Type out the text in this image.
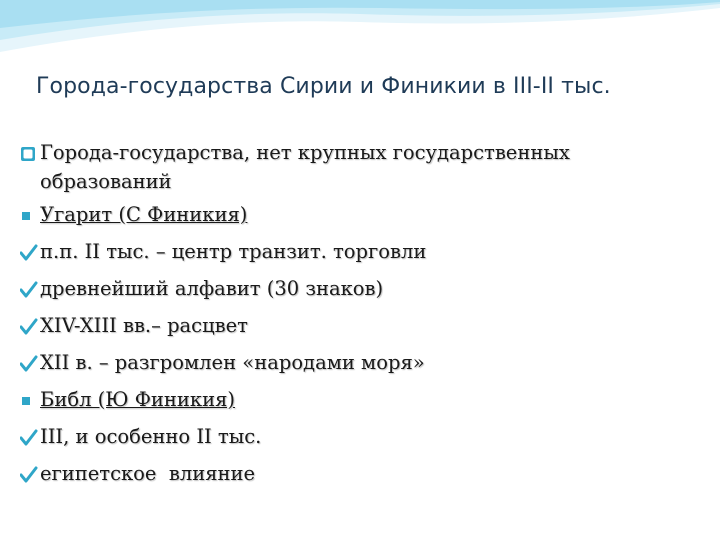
Города-государства Сирии и Финикии в III-II тыс.
Города-государства, нет крупных государственных
образований
Угарит (С Финикия)
п.п. II тыс. – центр транзит. торговли
древнейший алфавит (30 знаков)
XIV-XIII вв.– расцвет
XII в. – разгромлен «народами моря»
Библ (Ю Финикия)
III, и особенно II тыс.
египетское  влияние
